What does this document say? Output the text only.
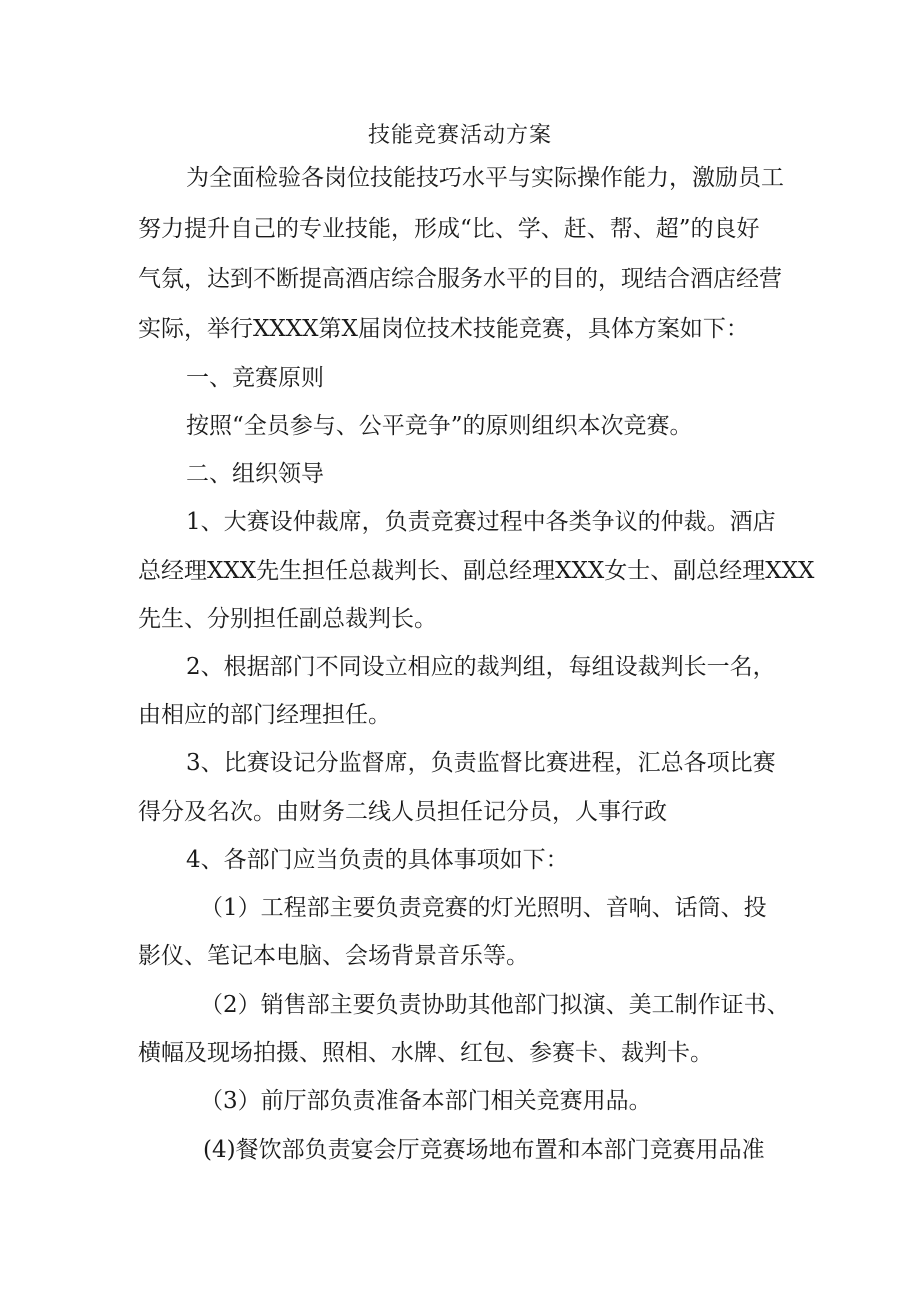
技能竞赛活动方案
为全面检验各岗位技能技巧水平与实际操作能力，激励员工
努力提升自己的专业技能，形成“比、学、赶、帮、超”的良好
气氛，达到不断提高酒店综合服务水平的目的，现结合酒店经营
实际，举行XXXX第X届岗位技术技能竞赛，具体方案如下：
一、竞赛原则
按照“全员参与、公平竞争”的原则组织本次竞赛。
二、组织领导
1、大赛设仲裁席，负责竞赛过程中各类争议的仲裁。酒店
总经理XXX先生担任总裁判长、副总经理XXX女士、副总经理XXX
先生、分别担任副总裁判长。
2、根据部门不同设立相应的裁判组，每组设裁判长一名，
由相应的部门经理担任。
3、比赛设记分监督席，负责监督比赛进程，汇总各项比赛
得分及名次。由财务二线人员担任记分员，人事行政
4、各部门应当负责的具体事项如下：
（1）工程部主要负责竞赛的灯光照明、音响、话筒、投
影仪、笔记本电脑、会场背景音乐等。
（2）销售部主要负责协助其他部门拟演、美工制作证书、
横幅及现场拍摄、照相、水牌、红包、参赛卡、裁判卡。
（3）前厅部负责准备本部门相关竞赛用品。
(4)餐饮部负责宴会厅竞赛场地布置和本部门竞赛用品准
